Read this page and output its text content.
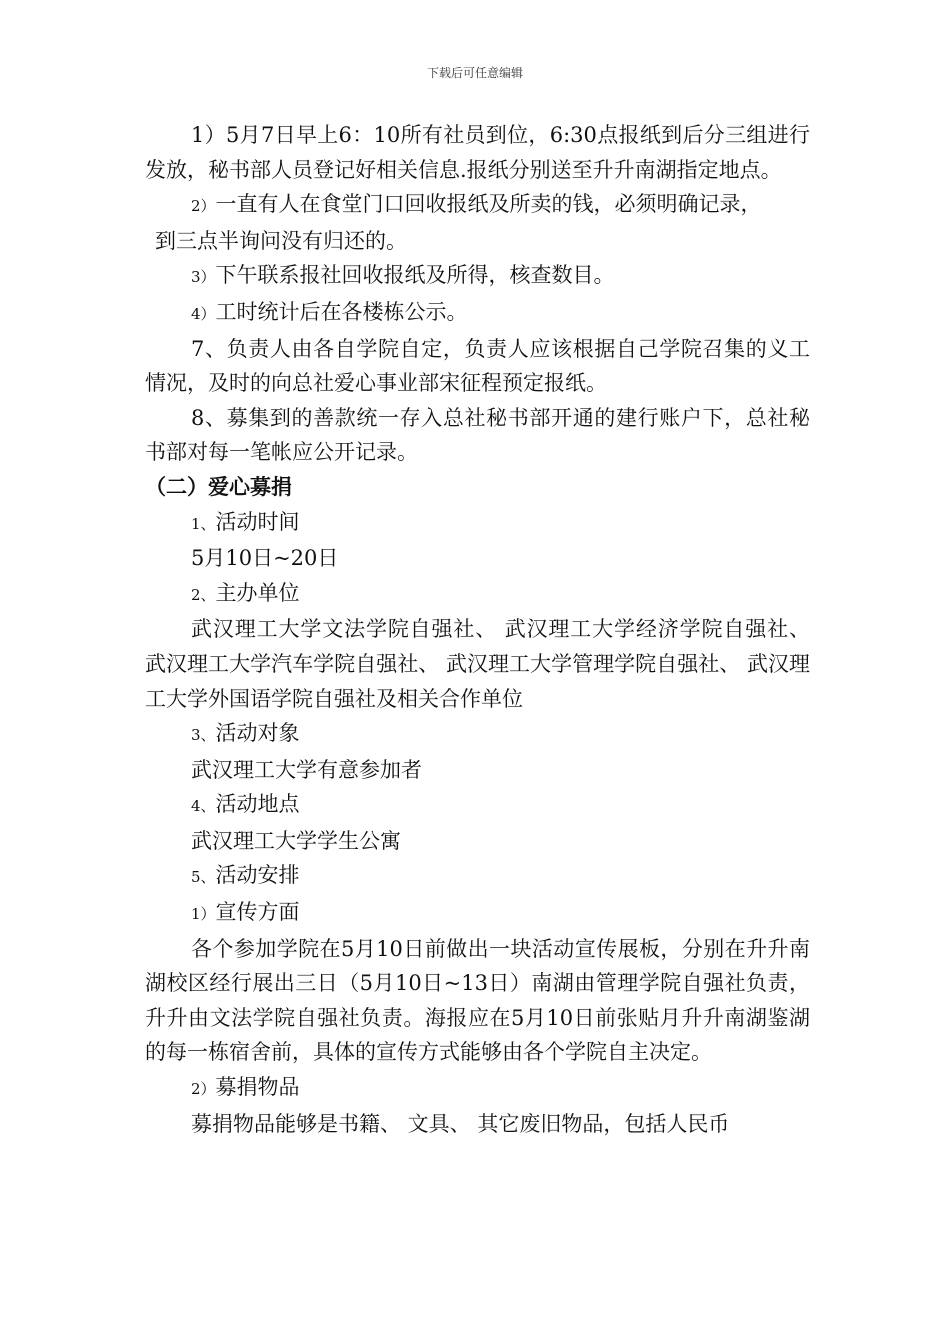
下载后可任意编辑

1）5月7日早上6：10所有社员到位，6:30点报纸到后分三组进行发放，秘书部人员登记好相关信息.报纸分别送至升升南湖指定地点。

2）一直有人在食堂门口回收报纸及所卖的钱，必须明确记录，

到三点半询问没有归还的。

3）下午联系报社回收报纸及所得，核查数目。

4）工时统计后在各楼栋公示。

7、负责人由各自学院自定，负责人应该根据自己学院召集的义工情况，及时的向总社爱心事业部宋征程预定报纸。

8、募集到的善款统一存入总社秘书部开通的建行账户下，总社秘书部对每一笔帐应公开记录。

（二）爱心募捐

1、活动时间

5月10日~20日

2、主办单位

武汉理工大学文法学院自强社、 武汉理工大学经济学院自强社、 武汉理工大学汽车学院自强社、 武汉理工大学管理学院自强社、 武汉理工大学外国语学院自强社及相关合作单位

3、活动对象

武汉理工大学有意参加者

4、活动地点

武汉理工大学学生公寓

5、活动安排

1）宣传方面

各个参加学院在5月10日前做出一块活动宣传展板，分别在升升南湖校区经行展出三日（5月10日~13日）南湖由管理学院自强社负责，升升由文法学院自强社负责。海报应在5月10日前张贴月升升南湖鉴湖的每一栋宿舍前，具体的宣传方式能够由各个学院自主决定。

2）募捐物品

募捐物品能够是书籍、 文具、 其它废旧物品，包括人民币
